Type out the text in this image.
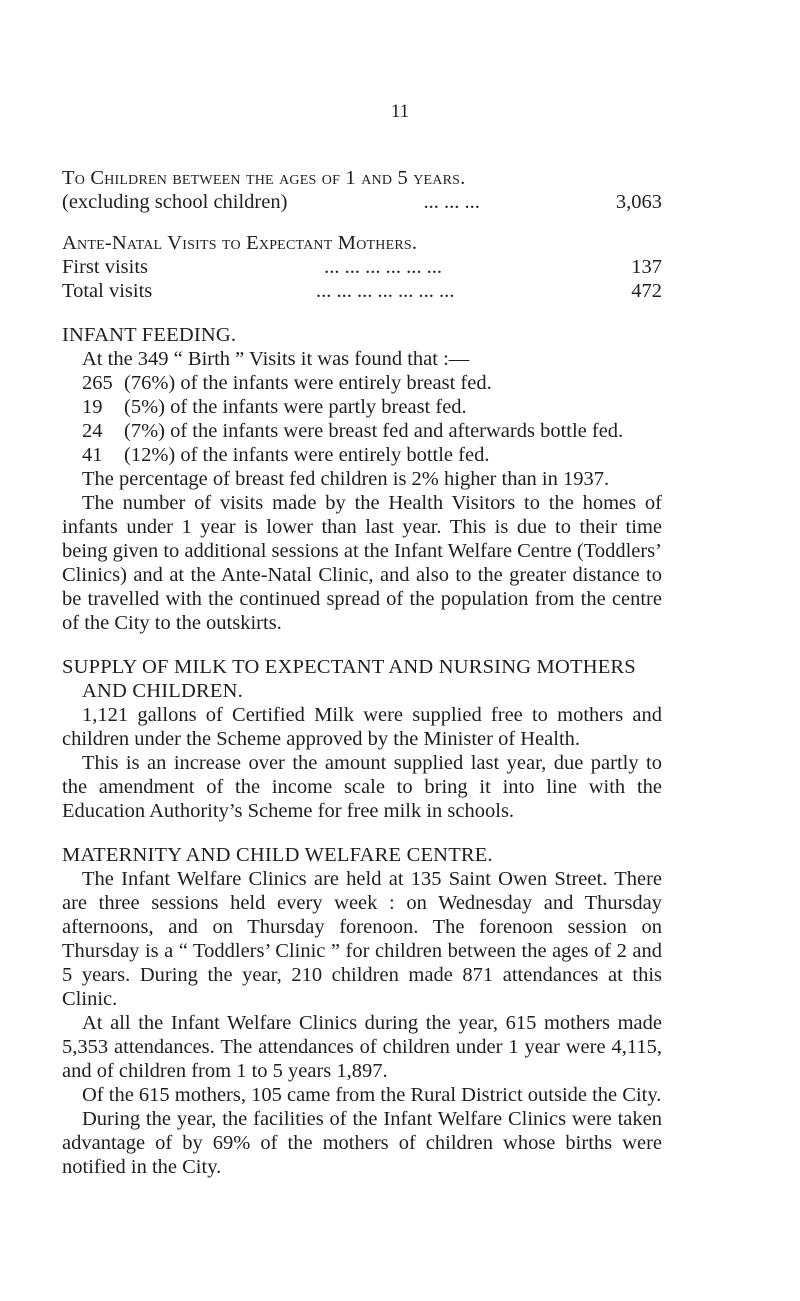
11
To Children between the ages of 1 and 5 years.
(excluding school children)	... ... ...	3,063
Ante-Natal Visits to Expectant Mothers.
First visits	... ... ... ... ... ...	137
Total visits	... ... ... ... ... ... ...	472
INFANT FEEDING.

At the 349 “ Birth ” Visits it was found that :—

265 (76%) of the infants were entirely breast fed.
19	(5%) of the infants were partly breast fed.
24	(7%) of the infants were breast fed and afterwards bottle fed.
41	(12%) of the infants were entirely bottle fed.

The percentage of breast fed children is 2% higher than in 1937.

The number of visits made by the Health Visitors to the homes of infants under 1 year is lower than last year. This is due to their time being given to additional sessions at the Infant Welfare Centre (Toddlers’ Clinics) and at the Ante-Natal Clinic, and also to the greater distance to be travelled with the continued spread of the population from the centre of the City to the outskirts.

SUPPLY OF MILK TO EXPECTANT AND NURSING MOTHERS AND CHILDREN.

1,121 gallons of Certified Milk were supplied free to mothers and children under the Scheme approved by the Minister of Health.

This is an increase over the amount supplied last year, due partly to the amendment of the income scale to bring it into line with the Education Authority’s Scheme for free milk in schools.

MATERNITY AND CHILD WELFARE CENTRE.

The Infant Welfare Clinics are held at 135 Saint Owen Street. There are three sessions held every week : on Wednesday and Thursday afternoons, and on Thursday forenoon. The forenoon session on Thursday is a “ Toddlers’ Clinic ” for children between the ages of 2 and 5 years. During the year, 210 children made 871 attendances at this Clinic.

At all the Infant Welfare Clinics during the year, 615 mothers made 5,353 attendances. The attendances of children under 1 year were 4,115, and of children from 1 to 5 years 1,897.

Of the 615 mothers, 105 came from the Rural District outside the City.

During the year, the facilities of the Infant Welfare Clinics were taken advantage of by 69% of the mothers of children whose births were notified in the City.
